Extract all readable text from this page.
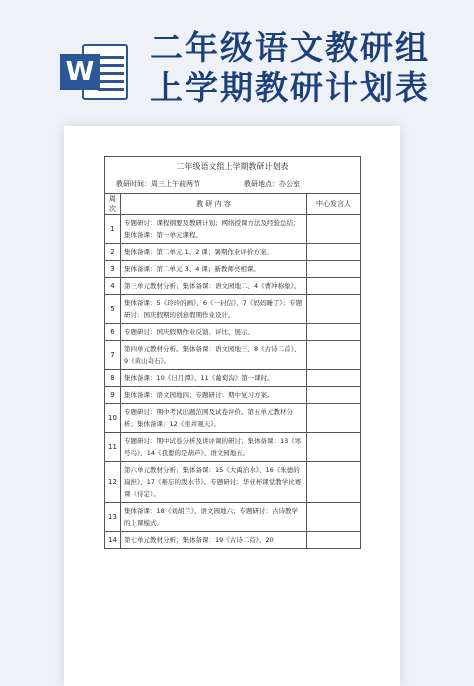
W
二年级语文教研组
上学期教研计划表
二年级语文组上学期教研计划表		
教研时间：周三上午前两节 教研地点：办公室		
周次	教 研 内 容	中心发言人
1	专题研讨：课程纲要及教研计划；网络授课方法及经验总结；集体备课：第一单元课程。	
2	集体备课：第二单元 1、2 课；暑期作业评价方案。	
3	集体备课：第二单元 3、4 课；新教师亮相课。	
4	第三单元教材分析；集体备课：语文园地二、4《曹冲称象》。	
5	集体备课：5《玲玲的画》、6《一封信》、7《妈妈睡了》；专题研讨：国庆假期的创意假期作业设计。	
6	专题研讨：国庆假期作业反馈、评比、展示。	
7	第四单元教材分析。集体备课：语文园地三、8《古诗二首》、9《黄山奇石》。	
8	集体备课：10《日月潭》、11《葡萄沟》第一课时。	
9	集体备课：语文园地四；专题研讨：期中复习方案。	
10	专题研讨：期中考试出题范围及试卷评价。第五单元教材分析；集体备课：12《坐井观天》。	
11	专题研讨：期中试卷分析及讲评课的研讨；集体备课：13《寒号鸟》、14《我要的是葫芦》、语文园地五。	
12	第六单元教材分析；集体备课：15《大禹治水》、16《朱德的扁担》、17《难忘的泼水节》。专题研讨：华亚杯课堂教学比赛课（待定）。	
13	集体备课：18《刘胡兰》、语文园地六；专题研讨：古诗教学的上课模式。	
14	第七单元教材分析；集体备课：19《古诗二首》、20	
